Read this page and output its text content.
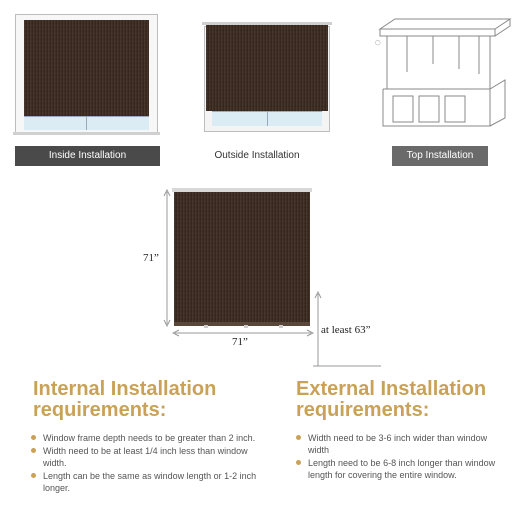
Inside Installation	Outside Installation
◯
Top Installation
71”
71”
at least 63”
Internal Installation
requirements:
Window frame depth needs to be greater than 2 inch.
Width need to be at least 1/4 inch less than window width.
Length can be the same as window length or 1-2 inch longer.
External Installation
requirements:
Width need to be 3-6 inch wider than window width
Length need to be 6-8 inch longer than window length for covering the entire window.
